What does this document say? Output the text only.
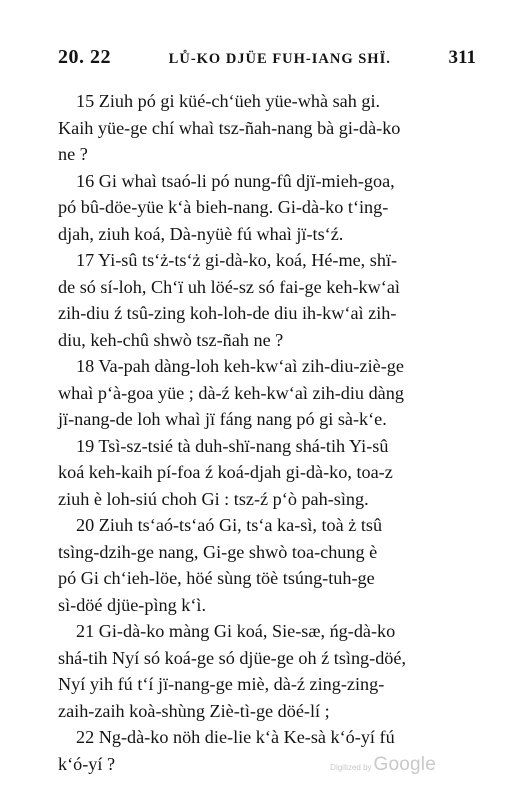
20. 22	LŮ-KO DJÜE FUH-IANG SHÏ.	311
15 Ziuh pó gi küé-ch‘üeh yüe-whà sah gi.
Kaih yüe-ge chí whaì tsz-ñah-nang bà gi-dà-ko
ne ?
16 Gi whaì tsaó-li pó nung-fû djï-mieh-goa,
pó bû-döe-yüe k‘à bieh-nang. Gi-dà-ko t‘ing-
djah, ziuh koá, Dà-nyüè fú whaì jï-ts‘ź.
17 Yi-sû ts‘ż-ts‘ż gi-dà-ko, koá, Hé-me, shï-
de só sí-loh, Ch‘ï uh löé-sz só fai-ge keh-kw‘aì
zih-diu ź tsû-zing koh-loh-de diu ih-kw‘aì zih-
diu, keh-chû shwò tsz-ñah ne ?
18 Va-pah dàng-loh keh-kw‘aì zih-diu-ziè-ge
whaì p‘à-goa yüe ; dà-ź keh-kw‘aì zih-diu dàng
jï-nang-de loh whaì jï fáng nang pó gi sà-k‘e.
19 Tsì-sz-tsié tà duh-shï-nang shá-tih Yi-sû
koá keh-kaih pí-foa ź koá-djah gi-dà-ko, toa-z
ziuh è loh-siú choh Gi : tsz-ź p‘ò pah-sìng.
20 Ziuh ts‘aó-ts‘aó Gi, ts‘a ka-sì, toà ż tsû
tsìng-dzih-ge nang, Gi-ge shwò toa-chung è
pó Gi ch‘ieh-löe, höé sùng töè tsúng-tuh-ge
sì-döé djüe-pìng k‘ì.
21 Gi-dà-ko màng Gi koá, Sie-sæ, ńg-dà-ko
shá-tih Nyí só koá-ge só djüe-ge oh ź tsìng-döé,
Nyí yih fú t‘í jï-nang-ge miè, dà-ź zing-zing-
zaih-zaih koà-shùng Ziè-tì-ge döé-lí ;
22 Ng-dà-ko nöh die-lie k‘à Ke-sà k‘ó-yí fú
k‘ó-yí ?	Digitized by Google
